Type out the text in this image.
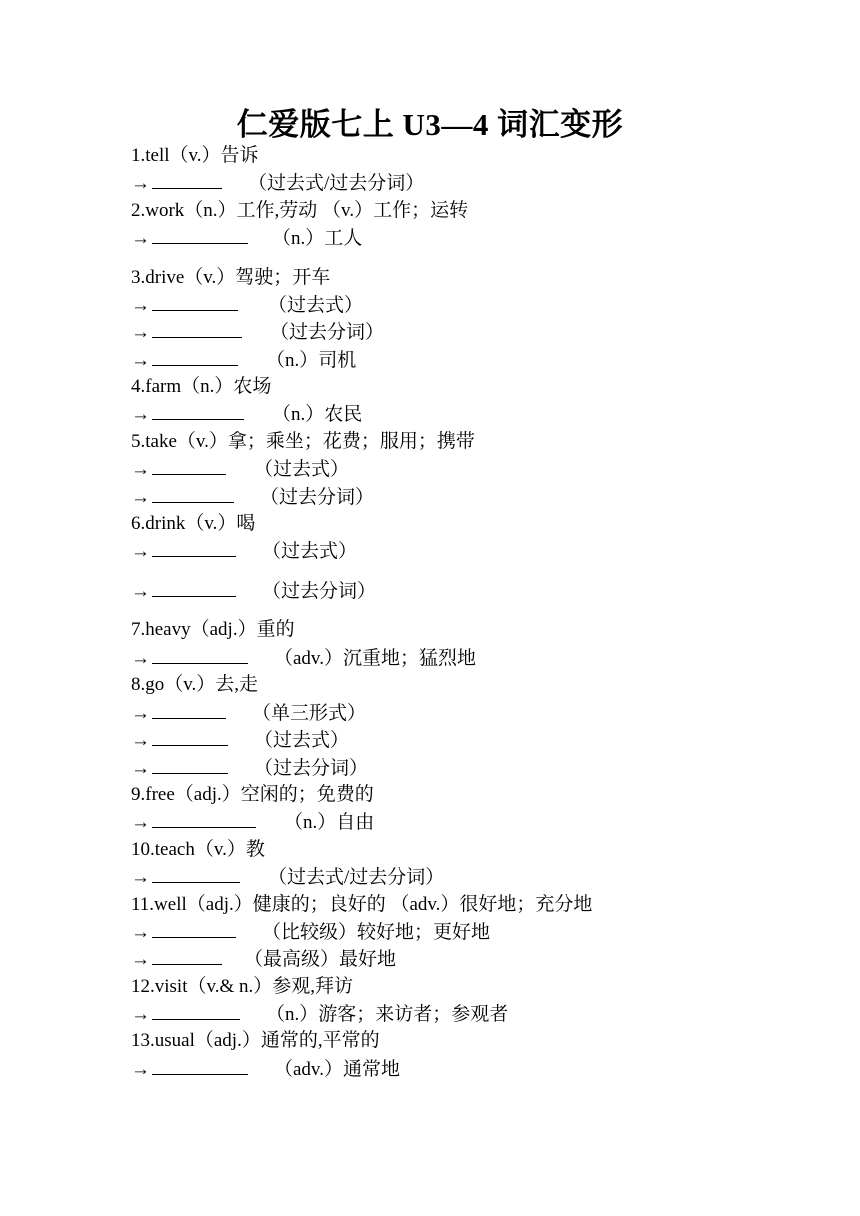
仁爱版七上 U3—4 词汇变形
1.tell（v.）告诉
→	（过去式/过去分词）
2.work（n.）工作,劳动 （v.）工作；运转
→	（n.）工人
3.drive（v.）驾驶；开车
→	（过去式）
→	（过去分词）
→	（n.）司机
4.farm（n.）农场
→	（n.）农民
5.take（v.）拿；乘坐；花费；服用；携带
→	（过去式）
→	（过去分词）
6.drink（v.）喝
→	（过去式）
→	（过去分词）
7.heavy（adj.）重的
→	（adv.）沉重地；猛烈地
8.go（v.）去,走
→	（单三形式）
→	（过去式）
→	（过去分词）
9.free（adj.）空闲的；免费的
→	（n.）自由
10.teach（v.）教
→	（过去式/过去分词）
11.well（adj.）健康的；良好的 （adv.）很好地；充分地
→	（比较级）较好地；更好地
→	（最高级）最好地
12.visit（v.& n.）参观,拜访
→	（n.）游客；来访者；参观者
13.usual（adj.）通常的,平常的
→	（adv.）通常地
